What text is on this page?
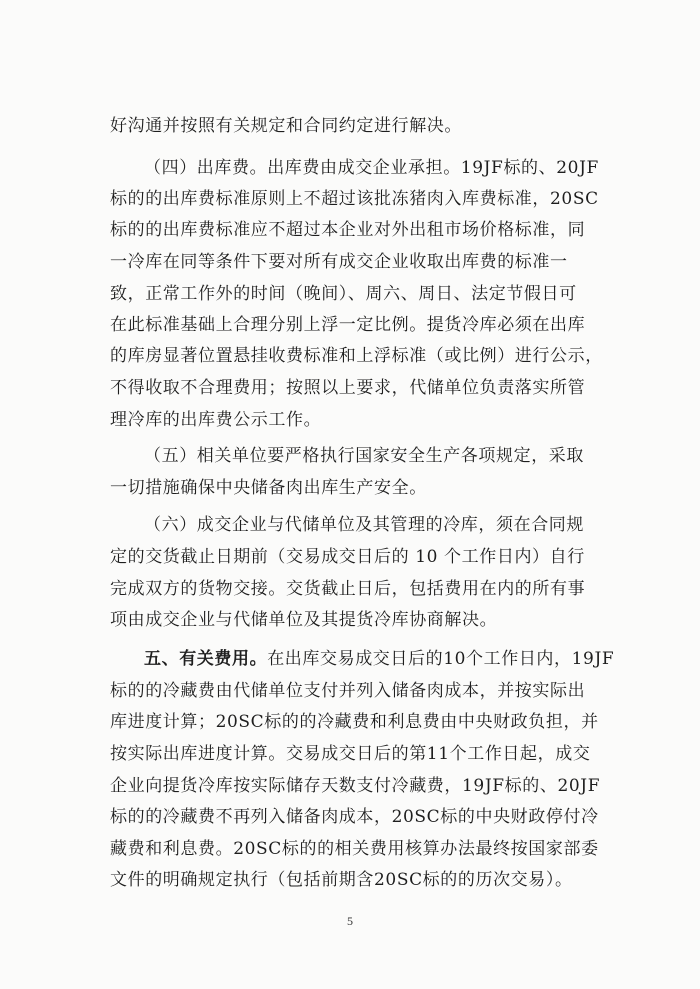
好沟通并按照有关规定和合同约定进行解决。
（四）出库费。出库费由成交企业承担。19JF标的、20JF
标的的出库费标准原则上不超过该批冻猪肉入库费标准，20SC
标的的出库费标准应不超过本企业对外出租市场价格标准，同
一冷库在同等条件下要对所有成交企业收取出库费的标准一
致，正常工作外的时间（晚间）、周六、周日、法定节假日可
在此标准基础上合理分别上浮一定比例。提货冷库必须在出库
的库房显著位置悬挂收费标准和上浮标准（或比例）进行公示，
不得收取不合理费用；按照以上要求，代储单位负责落实所管
理冷库的出库费公示工作。
（五）相关单位要严格执行国家安全生产各项规定，采取
一切措施确保中央储备肉出库生产安全。
（六）成交企业与代储单位及其管理的冷库，须在合同规
定的交货截止日期前（交易成交日后的 10 个工作日内）自行
完成双方的货物交接。交货截止日后，包括费用在内的所有事
项由成交企业与代储单位及其提货冷库协商解决。
五、有关费用。在出库交易成交日后的10个工作日内，19JF
标的的冷藏费由代储单位支付并列入储备肉成本，并按实际出
库进度计算；20SC标的的冷藏费和利息费由中央财政负担，并
按实际出库进度计算。交易成交日后的第11个工作日起，成交
企业向提货冷库按实际储存天数支付冷藏费，19JF标的、20JF
标的的冷藏费不再列入储备肉成本，20SC标的中央财政停付冷
藏费和利息费。20SC标的的相关费用核算办法最终按国家部委
文件的明确规定执行（包括前期含20SC标的的历次交易）。
5
